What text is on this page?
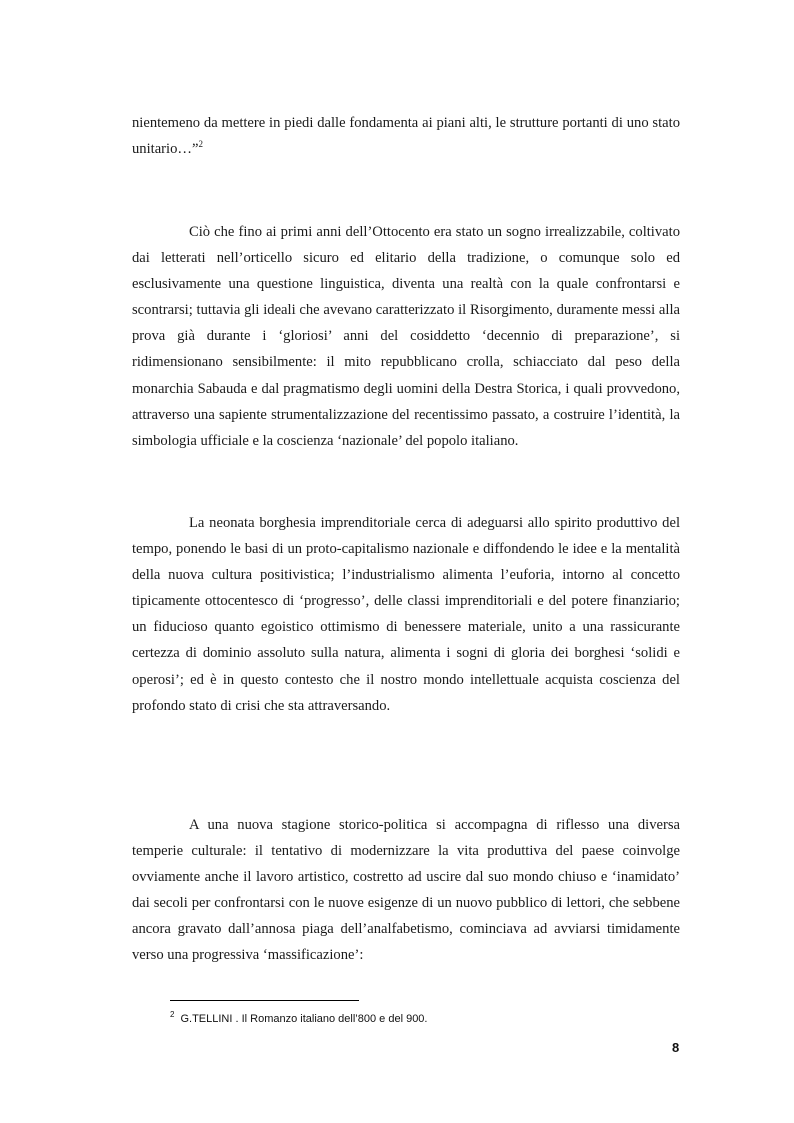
nientemeno da mettere in piedi dalle fondamenta ai piani alti, le strutture portanti di uno stato unitario…”$^2$

Ciò che fino ai primi anni dell’Ottocento era stato un sogno irrealizzabile, coltivato dai letterati nell’orticello sicuro ed elitario della tradizione, o comunque solo ed esclusivamente una questione linguistica, diventa una realtà con la quale confrontarsi e scontrarsi; tuttavia gli ideali che avevano caratterizzato il Risorgimento, duramente messi alla prova già durante i ‘gloriosi’ anni del cosiddetto ‘decennio di preparazione’, si ridimensionano sensibilmente: il mito repubblicano crolla, schiacciato dal peso della monarchia Sabauda e dal pragmatismo degli uomini della Destra Storica, i quali provvedono, attraverso una sapiente strumentalizzazione del recentissimo passato, a costruire l’identità, la simbologia ufficiale e la coscienza ‘nazionale’ del popolo italiano.

La neonata borghesia imprenditoriale cerca di adeguarsi allo spirito produttivo del tempo, ponendo le basi di un proto-capitalismo nazionale e diffondendo le idee e la mentalità della nuova cultura positivistica; l’industrialismo alimenta l’euforia, intorno al concetto tipicamente ottocentesco di ‘progresso’, delle classi imprenditoriali e del potere finanziario; un fiducioso quanto egoistico ottimismo di benessere materiale, unito a una rassicurante certezza di dominio assoluto sulla natura, alimenta i sogni di gloria dei borghesi ‘solidi e operosi’; ed è in questo contesto che il nostro mondo intellettuale acquista coscienza del profondo stato di crisi che sta attraversando.

A una nuova stagione storico-politica si accompagna di riflesso una diversa temperie culturale: il tentativo di modernizzare la vita produttiva del paese coinvolge ovviamente anche il lavoro artistico, costretto ad uscire dal suo mondo chiuso e ‘inamidato’ dai secoli per confrontarsi con le nuove esigenze di un nuovo pubblico di lettori, che sebbene ancora gravato dall’annosa piaga dell’analfabetismo, cominciava ad avviarsi timidamente verso una progressiva ‘massificazione’:

$^2$ G.TELLINI . Il Romanzo italiano dell’800 e del 900.
8
